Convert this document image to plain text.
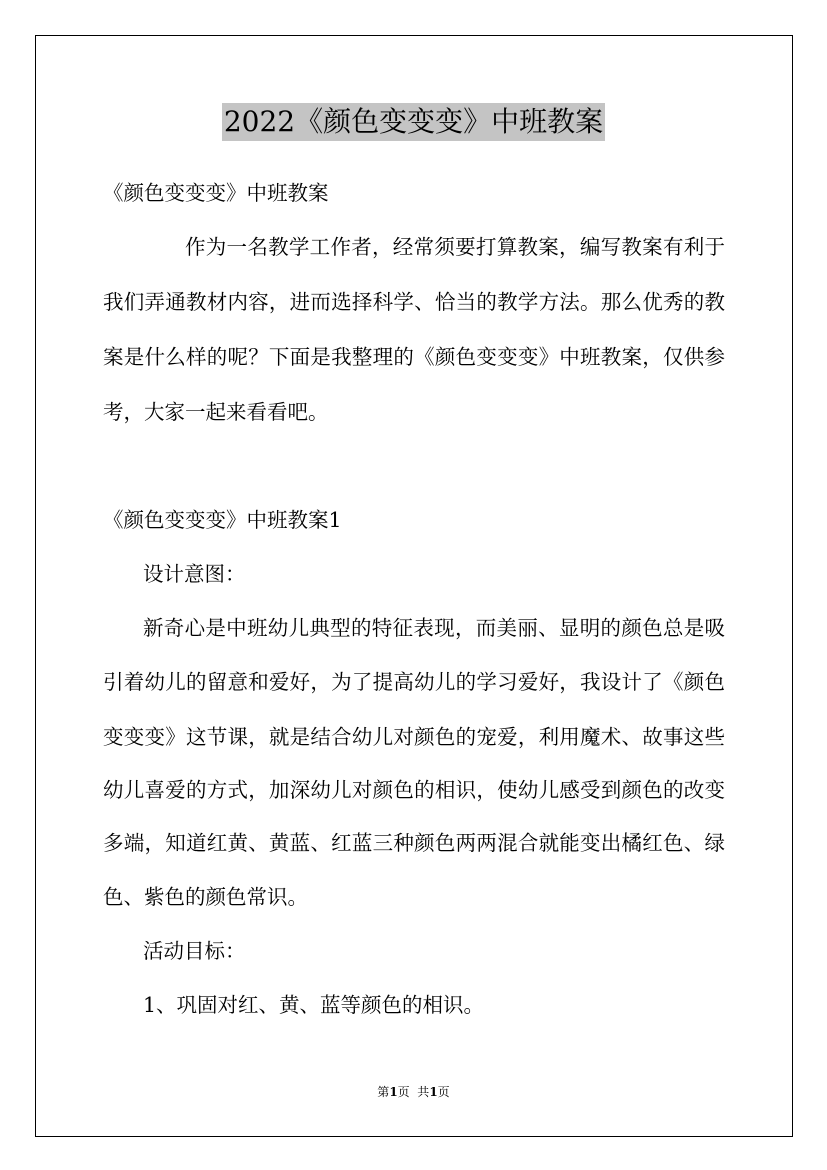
2022《颜色变变变》中班教案
《颜色变变变》中班教案
作为一名教学工作者，经常须要打算教案，编写教案有利于
我们弄通教材内容，进而选择科学、恰当的教学方法。那么优秀的教
案是什么样的呢？下面是我整理的《颜色变变变》中班教案，仅供参
考，大家一起来看看吧。
《颜色变变变》中班教案1
设计意图：
新奇心是中班幼儿典型的特征表现，而美丽、显明的颜色总是吸
引着幼儿的留意和爱好，为了提高幼儿的学习爱好，我设计了《颜色
变变变》这节课，就是结合幼儿对颜色的宠爱，利用魔术、故事这些
幼儿喜爱的方式，加深幼儿对颜色的相识，使幼儿感受到颜色的改变
多端，知道红黄、黄蓝、红蓝三种颜色两两混合就能变出橘红色、绿
色、紫色的颜色常识。
活动目标：
1、巩固对红、黄、蓝等颜色的相识。
第1页  共1页
